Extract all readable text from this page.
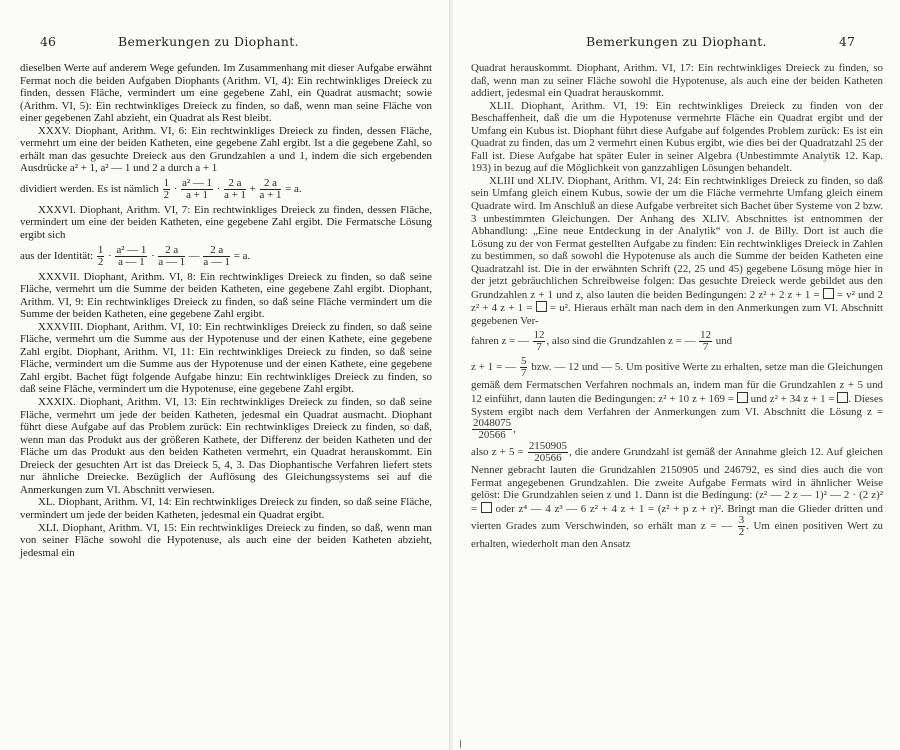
46	Bemerkungen zu Diophant.

dieselben Werte auf anderem Wege gefunden. Im Zusammenhang mit dieser Aufgabe erwähnt Fermat noch die beiden Aufgaben Diophants (Arithm. VI, 4): Ein rechtwinkliges Dreieck zu finden, dessen Fläche, vermindert um eine gegebene Zahl, ein Quadrat ausmacht; sowie (Arithm. VI, 5): Ein rechtwinkliges Dreieck zu finden, so daß, wenn man seine Fläche von einer gegebenen Zahl abzieht, ein Quadrat als Rest bleibt.

XXXV. Diophant, Arithm. VI, 6: Ein rechtwinkliges Dreieck zu finden, dessen Fläche, vermehrt um eine der beiden Katheten, eine gegebene Zahl ergibt. Ist a die gegebene Zahl, so erhält man das gesuchte Dreieck aus den Grundzahlen a und 1, indem die sich ergebenden Ausdrücke a² + 1, a² — 1 und 2 a durch a + 1

dividiert werden. Es ist nämlich $\frac{1}{2} \cdot \frac{\text{a² — 1}}{a + 1} \cdot \frac{2 a}{a + 1} + \frac{2 a}{a + 1} = a$.

XXXVI. Diophant, Arithm. VI, 7: Ein rechtwinkliges Dreieck zu finden, dessen Fläche, vermindert um eine der beiden Katheten, eine gegebene Zahl ergibt. Die Fermatsche Lösung ergibt sich

aus der Identität: $\frac{1}{2} \cdot \frac{\text{a² — 1}}{a — 1} \cdot \frac{2 a}{a — 1}$ — $\frac{2 a}{a — 1} = a$.

XXXVII. Diophant, Arithm. VI, 8: Ein rechtwinkliges Dreieck zu finden, so daß seine Fläche, vermehrt um die Summe der beiden Katheten, eine gegebene Zahl ergibt. Diophant, Arithm. VI, 9: Ein rechtwinkliges Dreieck zu finden, so daß seine Fläche vermindert um die Summe der beiden Katheten, eine gegebene Zahl ergibt.

XXXVIII. Diophant, Arithm. VI, 10: Ein rechtwinkliges Dreieck zu finden, so daß seine Fläche, vermehrt um die Summe aus der Hypotenuse und der einen Kathete, eine gegebene Zahl ergibt. Diophant, Arithm. VI, 11: Ein rechtwinkliges Dreieck zu finden, so daß seine Fläche, vermindert um die Summe aus der Hypotenuse und der einen Kathete, eine gegebene Zahl ergibt. Bachet fügt folgende Aufgabe hinzu: Ein rechtwinkliges Dreieck zu finden, so daß seine Fläche, vermindert um die Hypotenuse, eine gegebene Zahl ergibt.

XXXIX. Diophant, Arithm. VI, 13: Ein rechtwinkliges Dreieck zu finden, so daß seine Fläche, vermehrt um jede der beiden Katheten, jedesmal ein Quadrat ausmacht. Diophant führt diese Aufgabe auf das Problem zurück: Ein rechtwinkliges Dreieck zu finden, so daß, wenn man das Produkt aus der größeren Kathete, der Differenz der beiden Katheten und der Fläche um das Produkt aus den beiden Katheten vermehrt, ein Quadrat herauskommt. Ein Dreieck der gesuchten Art ist das Dreieck 5, 4, 3. Das Diophantische Verfahren liefert stets nur ähnliche Dreiecke. Bezüglich der Auflösung des Gleichungssystems sei auf die Anmerkungen zum VI. Abschnitt verwiesen.

XL. Diophant, Arithm. VI, 14: Ein rechtwinkliges Dreieck zu finden, so daß seine Fläche, vermindert um jede der beiden Katheten, jedesmal ein Quadrat ergibt.

XLI. Diophant, Arithm. VI, 15: Ein rechtwinkliges Dreieck zu finden, so daß, wenn man von seiner Fläche sowohl die Hypotenuse, als auch eine der beiden Katheten abzieht, jedesmal ein

Bemerkungen zu Diophant.	47

Quadrat herauskommt. Diophant, Arithm. VI, 17: Ein rechtwinkliges Dreieck zu finden, so daß, wenn man zu seiner Fläche sowohl die Hypotenuse, als auch eine der beiden Katheten addiert, jedesmal ein Quadrat herauskommt.

XLII. Diophant, Arithm. VI, 19: Ein rechtwinkliges Dreieck zu finden von der Beschaffenheit, daß die um die Hypotenuse vermehrte Fläche ein Quadrat ergibt und der Umfang ein Kubus ist. Diophant führt diese Aufgabe auf folgendes Problem zurück: Es ist ein Quadrat zu finden, das um 2 vermehrt einen Kubus ergibt, wie dies bei der Quadratzahl 25 der Fall ist. Diese Aufgabe hat später Euler in seiner Algebra (Unbestimmte Analytik 12. Kap. 193) in bezug auf die Möglichkeit von ganzzahligen Lösungen behandelt.

XLIII und XLIV. Diophant, Arithm. VI, 24: Ein rechtwinkliges Dreieck zu finden, so daß sein Umfang gleich einem Kubus, sowie der um die Fläche vermehrte Umfang gleich einem Quadrate wird. Im Anschluß an diese Aufgabe verbreitet sich Bachet über Systeme von 2 bzw. 3 unbestimmten Gleichungen. Der Anhang des XLIV. Abschnittes ist entnommen der Abhandlung: „Eine neue Entdeckung in der Analytik“ von J. de Billy. Dort ist auch die Lösung zu der von Fermat gestellten Aufgabe zu finden: Ein rechtwinkliges Dreieck in Zahlen zu bestimmen, so daß sowohl die Hypotenuse als auch die Summe der beiden Katheten eine Quadratzahl ist. Die in der erwähnten Schrift (22, 25 und 45) gegebene Lösung möge hier in der jetzt gebräuchlichen Schreibweise folgen: Das gesuchte Dreieck werde gebildet aus den Grundzahlen z + 1 und z, also lauten die beiden Bedingungen: 2 z² + 2 z + 1 = = v² und 2 z² + 4 z + 1 = = u². Hieraus erhält man nach dem in den Anmerkungen zum VI. Abschnitt gegebenen Ver-

fahren z = — $\frac{12}{7}$ , also sind die Grundzahlen z = — $\frac{12}{7}$ und

z + 1 = — $\frac{5}{7}$ bzw. — 12 und — 5. Um positive Werte zu erhalten, setze man die Gleichungen gemäß dem Fermatschen Verfahren nochmals an, indem man für die Grundzahlen z + 5 und 12 einführt, dann lauten die Bedingungen: z² + 10 z + 169 = und z² + 34 z + 1 = . Dieses System ergibt nach dem Verfahren der Anmerkungen zum VI. Abschnitt die Lösung z =
$\frac{2048075}{20566}$ ,

also $z + 5 = \frac{2150905}{20566}$ , die andere Grundzahl ist gemäß der Annahme gleich 12. Auf gleichen Nenner gebracht lauten die Grundzahlen 2150905 und 246792, es sind dies auch die von Fermat angegebenen Grundzahlen. Die zweite Aufgabe Fermats wird in ähnlicher Weise gelöst: Die Grundzahlen seien z und 1. Dann ist die Bedingung: (z² — 2 z — 1)² — 2 · (2 z)² = oder z⁴ — 4 z³ — 6 z² + 4 z + 1 = (z² + p z + r)². Bringt man die Glieder dritten und vierten Grades zum Verschwinden, so erhält man z = — $\frac{3}{2}$ . Um einen positiven Wert zu erhalten, wiederholt man den Ansatz
